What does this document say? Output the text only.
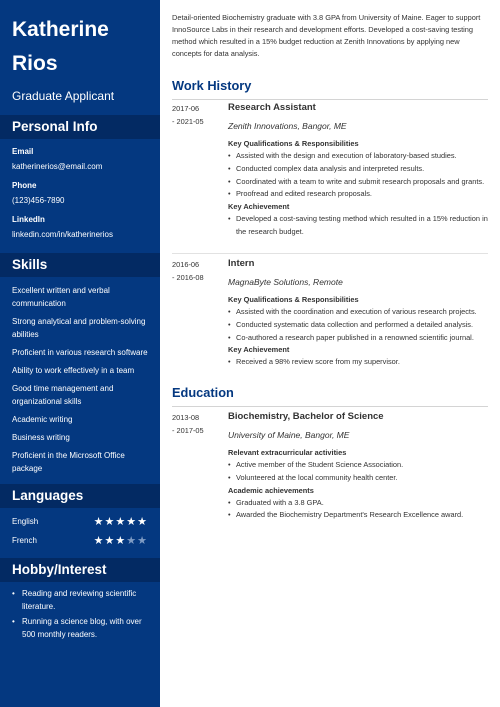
Katherine
Rios
Graduate Applicant
Personal Info
Email
katherinerios@email.com
Phone
(123)456-7890
LinkedIn
linkedin.com/in/katherinerios
Skills
Excellent written and verbal communication
Strong analytical and problem-solving abilities
Proficient in various research software
Ability to work effectively in a team
Good time management and organizational skills
Academic writing
Business writing
Proficient in the Microsoft Office package
Languages
English	★★★★★
French	★★★★★
Hobby/Interest
• Reading and reviewing scientific literature.
• Running a science blog, with over 500 monthly readers.

Detail-oriented Biochemistry graduate with 3.8 GPA from University of Maine. Eager to support InnoSource Labs in their research and development efforts. Developed a cost-saving testing method which resulted in a 15% budget reduction at Zenith Innovations by applying new concepts for data analysis.

Work History
2017-06
- 2021-05
Research Assistant
Zenith Innovations, Bangor, ME
Key Qualifications & Responsibilities
• Assisted with the design and execution of laboratory-based studies.
• Conducted complex data analysis and interpreted results.
• Coordinated with a team to write and submit research proposals and grants.
• Proofread and edited research proposals.
Key Achievement
• Developed a cost-saving testing method which resulted in a 15% reduction in the research budget.
2016-06
- 2016-08
Intern
MagnaByte Solutions, Remote
Key Qualifications & Responsibilities
• Assisted with the coordination and execution of various research projects.
• Conducted systematic data collection and performed a detailed analysis.
• Co-authored a research paper published in a renowned scientific journal.
Key Achievement
• Received a 98% review score from my supervisor.
Education
2013-08
- 2017-05
Biochemistry, Bachelor of Science
University of Maine, Bangor, ME
Relevant extracurricular activities
• Active member of the Student Science Association.
• Volunteered at the local community health center.
Academic achievements
• Graduated with a 3.8 GPA.
• Awarded the Biochemistry Department's Research Excellence award.
